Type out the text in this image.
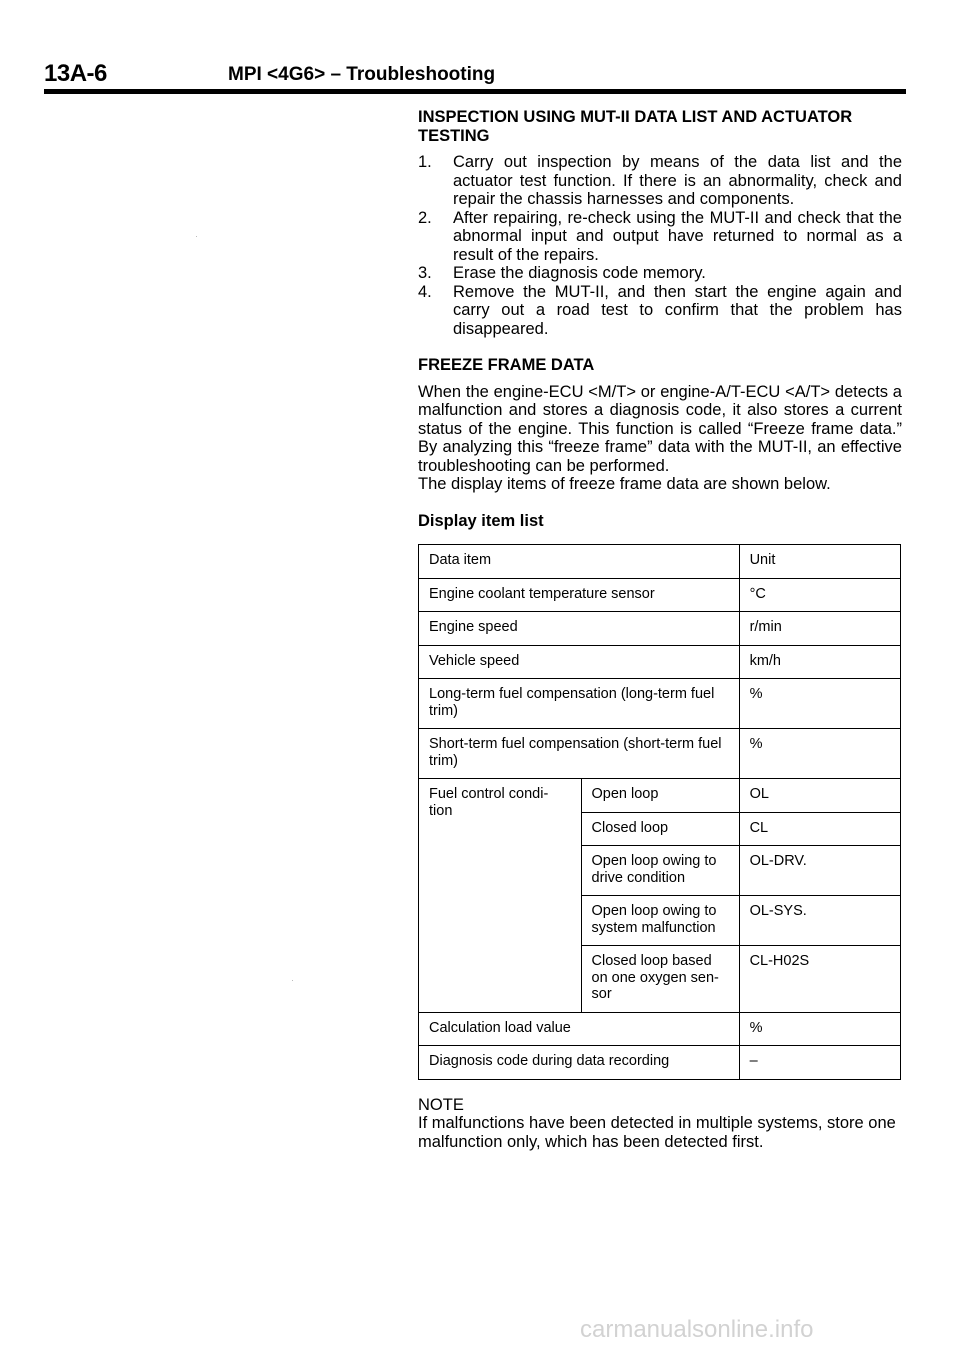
13A-6	MPI <4G6> – Troubleshooting
INSPECTION USING MUT-II DATA LIST AND ACTUATOR TESTING
1. Carry out inspection by means of the data list and the actuator test function. If there is an abnormality, check and repair the chassis harnesses and components.
2. After repairing, re-check using the MUT-II and check that the abnormal input and output have returned to normal as a result of the repairs.
3. Erase the diagnosis code memory.
4. Remove the MUT-II, and then start the engine again and carry out a road test to confirm that the problem has disappeared.
FREEZE FRAME DATA

When the engine-ECU <M/T> or engine-A/T-ECU <A/T> detects a malfunction and stores a diagnosis code, it also stores a current status of the engine. This function is called “Freeze frame data.” By analyzing this “freeze frame” data with the MUT-II, an effective troubleshooting can be performed.

The display items of freeze frame data are shown below.

Display item list
Data item		Unit
Engine coolant temperature sensor		°C
Engine speed		r/min
Vehicle speed		km/h
Long-term fuel compensation (long-term fuel trim)		%
Short-term fuel compensation (short-term fuel trim)		%
Fuel control condi-tion	Open loop	OL
	Closed loop	CL
	Open loop owing to drive condition	OL-DRV.
	Open loop owing to system malfunction	OL-SYS.
	Closed loop based on one oxygen sen-sor	CL-H02S
Calculation load value		%
Diagnosis code during data recording		–
NOTE

If malfunctions have been detected in multiple systems, store one malfunction only, which has been detected first.

carmanualsonline.info
